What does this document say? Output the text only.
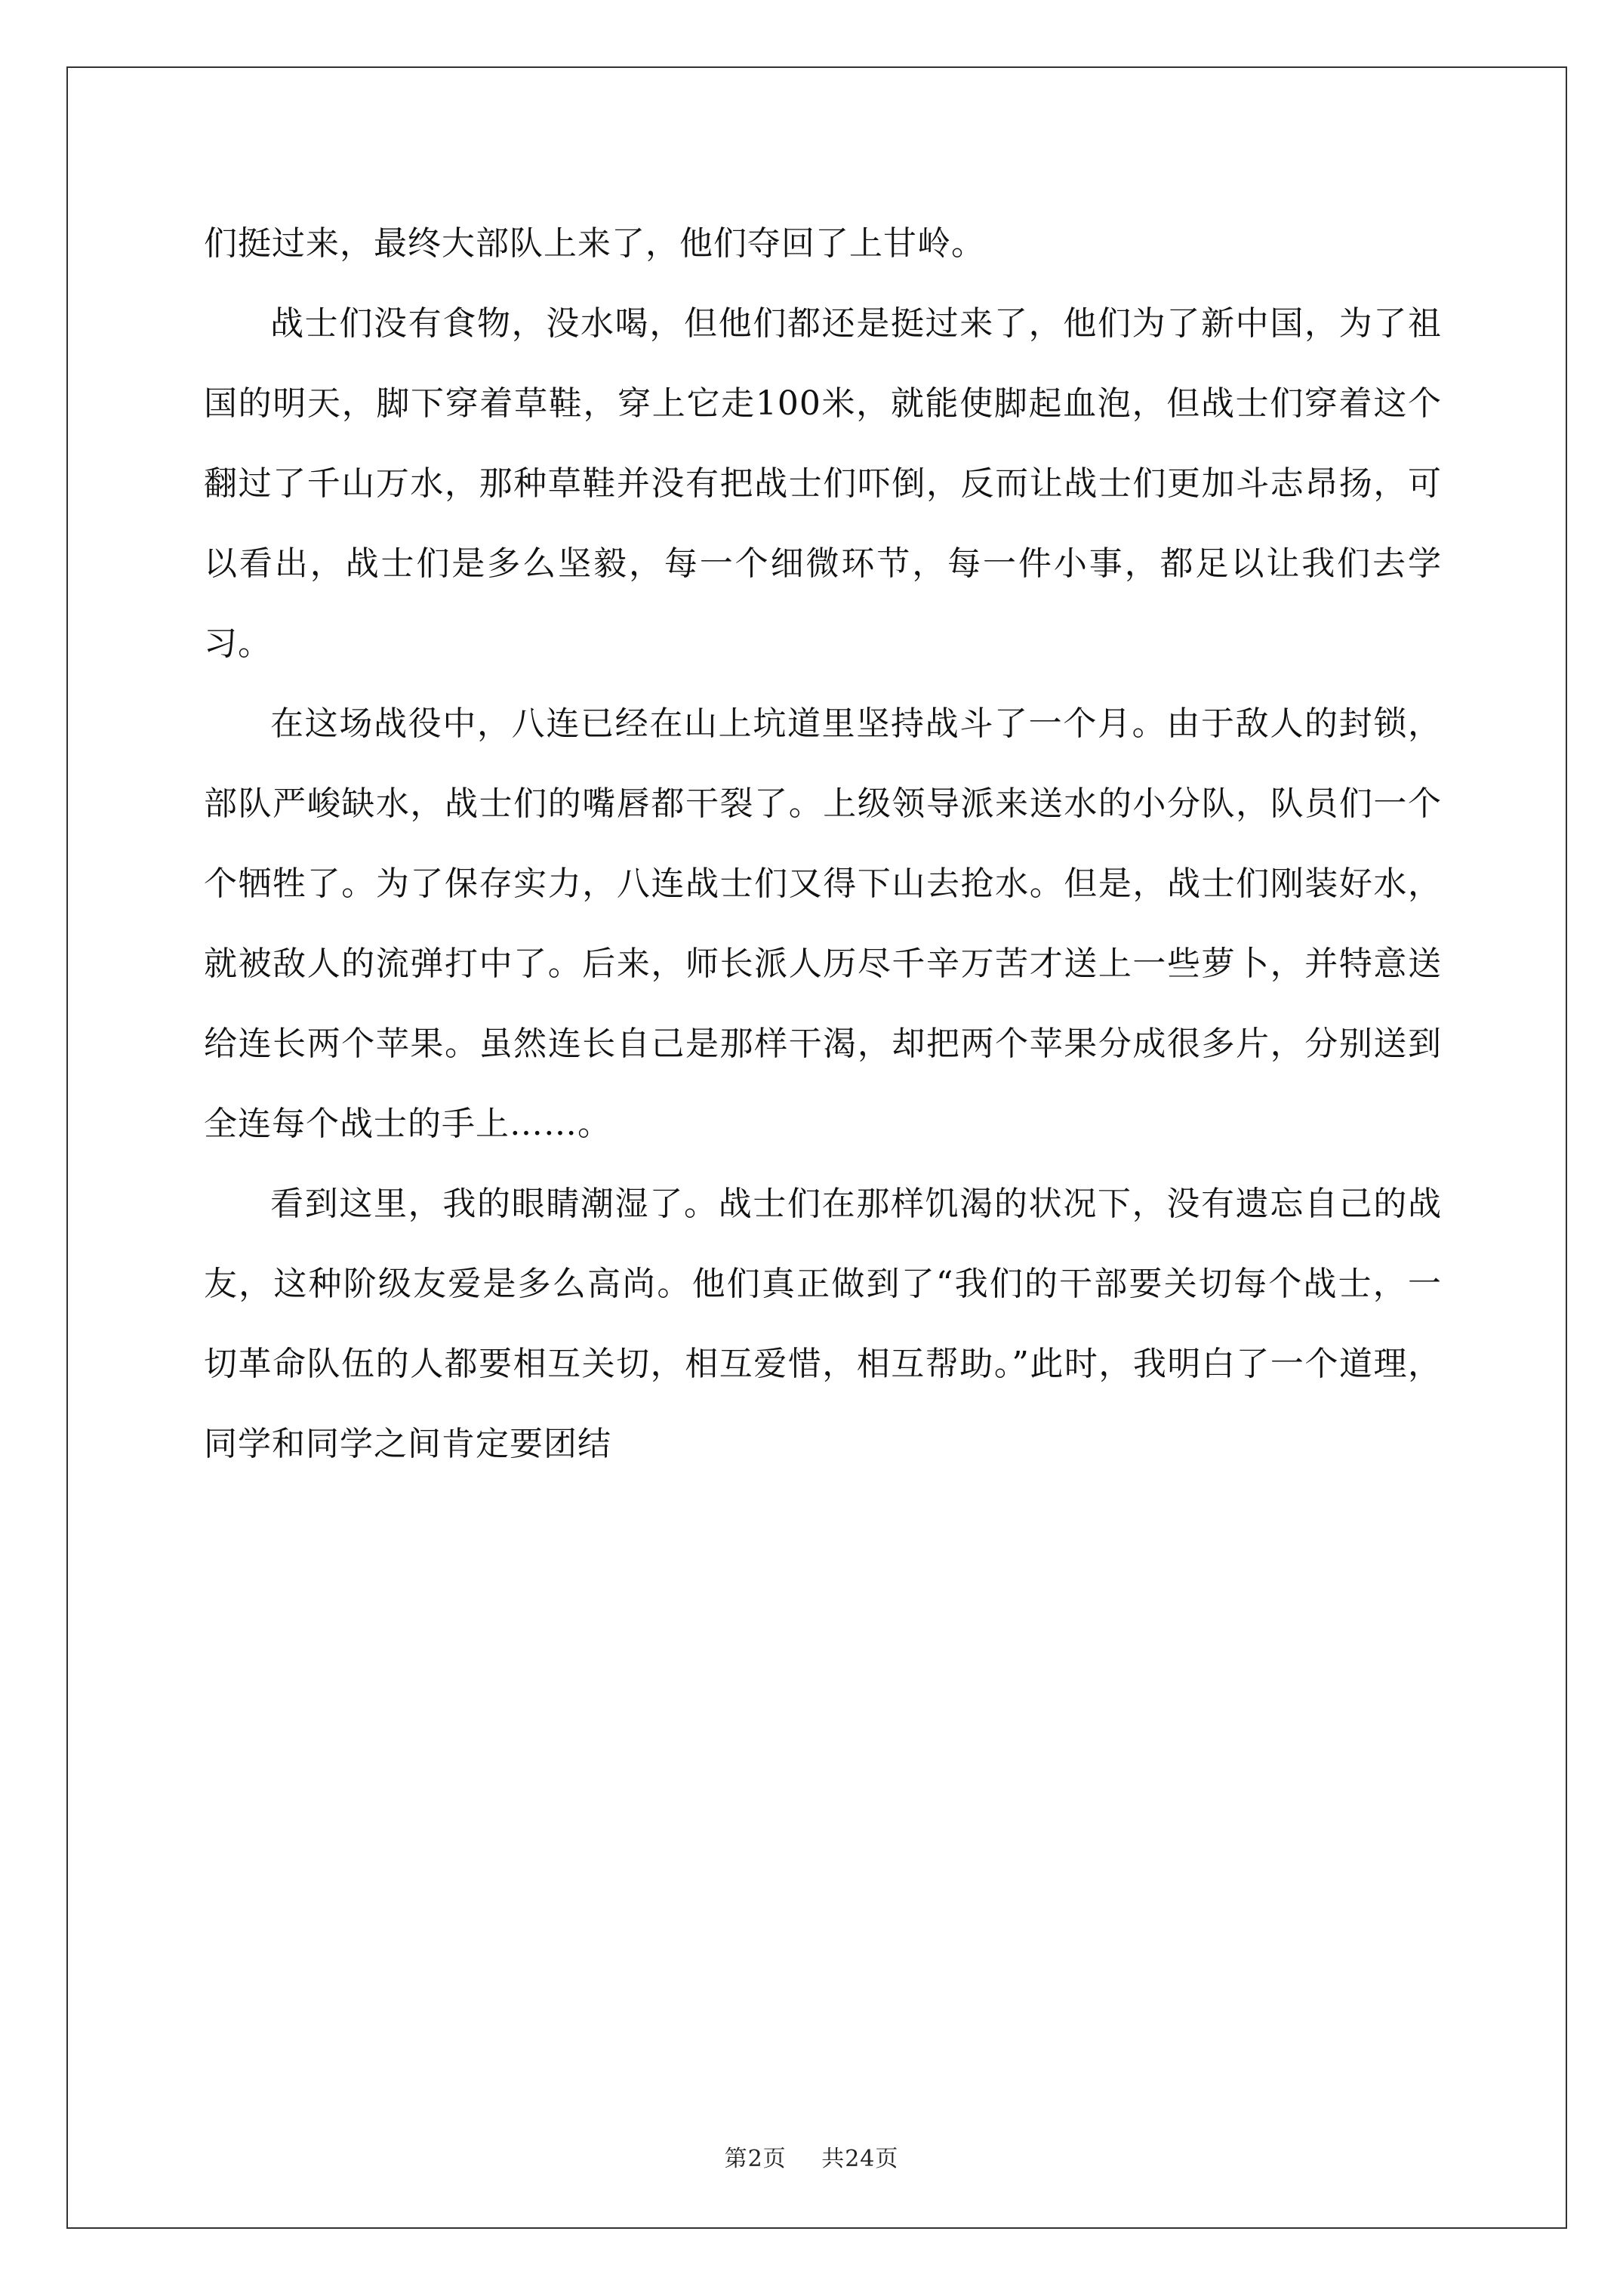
们挺过来，最终大部队上来了，他们夺回了上甘岭。

战士们没有食物，没水喝，但他们都还是挺过来了，他们为了新中国，为了祖国的明天，脚下穿着草鞋，穿上它走100米，就能使脚起血泡，但战士们穿着这个翻过了千山万水，那种草鞋并没有把战士们吓倒，反而让战士们更加斗志昂扬，可以看出，战士们是多么坚毅，每一个细微环节，每一件小事，都足以让我们去学习。

在这场战役中，八连已经在山上坑道里坚持战斗了一个月。由于敌人的封锁，部队严峻缺水，战士们的嘴唇都干裂了。上级领导派来送水的小分队，队员们一个个牺牲了。为了保存实力，八连战士们又得下山去抢水。但是，战士们刚装好水，就被敌人的流弹打中了。后来，师长派人历尽千辛万苦才送上一些萝卜，并特意送给连长两个苹果。虽然连长自己是那样干渴，却把两个苹果分成很多片，分别送到全连每个战士的手上……。

看到这里，我的眼睛潮湿了。战士们在那样饥渴的状况下，没有遗忘自己的战友，这种阶级友爱是多么高尚。他们真正做到了“我们的干部要关切每个战士，一切革命队伍的人都要相互关切，相互爱惜，相互帮助。”此时，我明白了一个道理，同学和同学之间肯定要团结

第2页 共24页
